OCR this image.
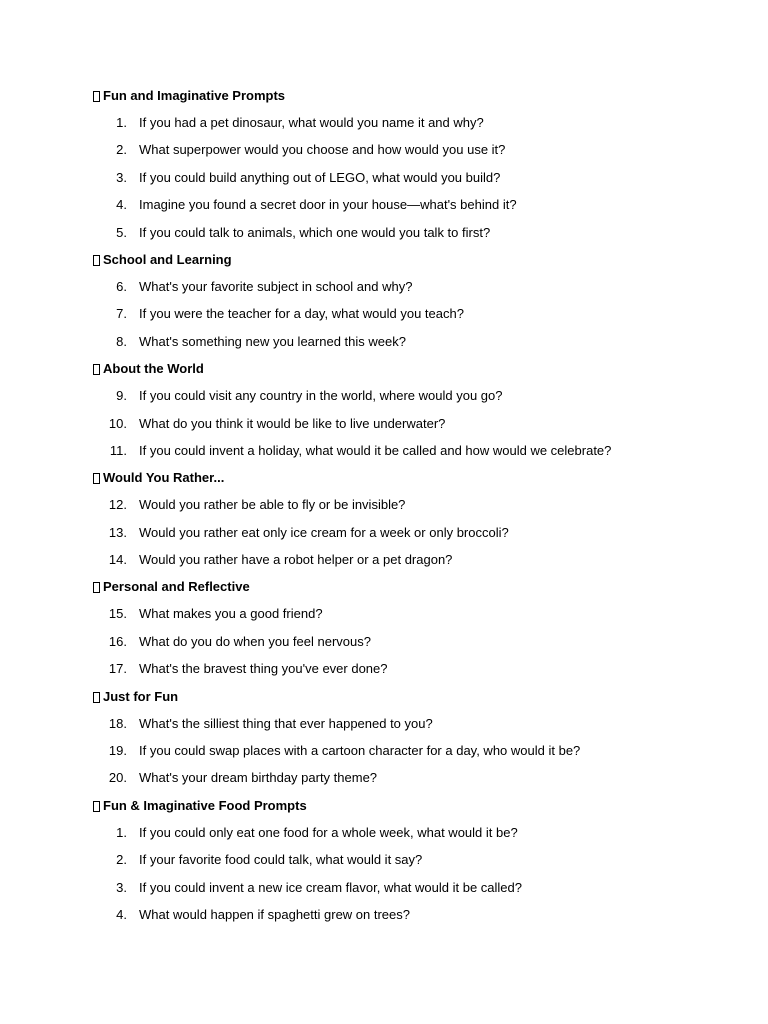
Fun and Imaginative Prompts
1. If you had a pet dinosaur, what would you name it and why?
2. What superpower would you choose and how would you use it?
3. If you could build anything out of LEGO, what would you build?
4. Imagine you found a secret door in your house—what's behind it?
5. If you could talk to animals, which one would you talk to first?
School and Learning
6. What's your favorite subject in school and why?
7. If you were the teacher for a day, what would you teach?
8. What's something new you learned this week?
About the World
9. If you could visit any country in the world, where would you go?
10. What do you think it would be like to live underwater?
11. If you could invent a holiday, what would it be called and how would we celebrate?
Would You Rather...
12. Would you rather be able to fly or be invisible?
13. Would you rather eat only ice cream for a week or only broccoli?
14. Would you rather have a robot helper or a pet dragon?
Personal and Reflective
15. What makes you a good friend?
16. What do you do when you feel nervous?
17. What's the bravest thing you've ever done?
Just for Fun
18. What's the silliest thing that ever happened to you?
19. If you could swap places with a cartoon character for a day, who would it be?
20. What's your dream birthday party theme?
Fun & Imaginative Food Prompts
1. If you could only eat one food for a whole week, what would it be?
2. If your favorite food could talk, what would it say?
3. If you could invent a new ice cream flavor, what would it be called?
4. What would happen if spaghetti grew on trees?
